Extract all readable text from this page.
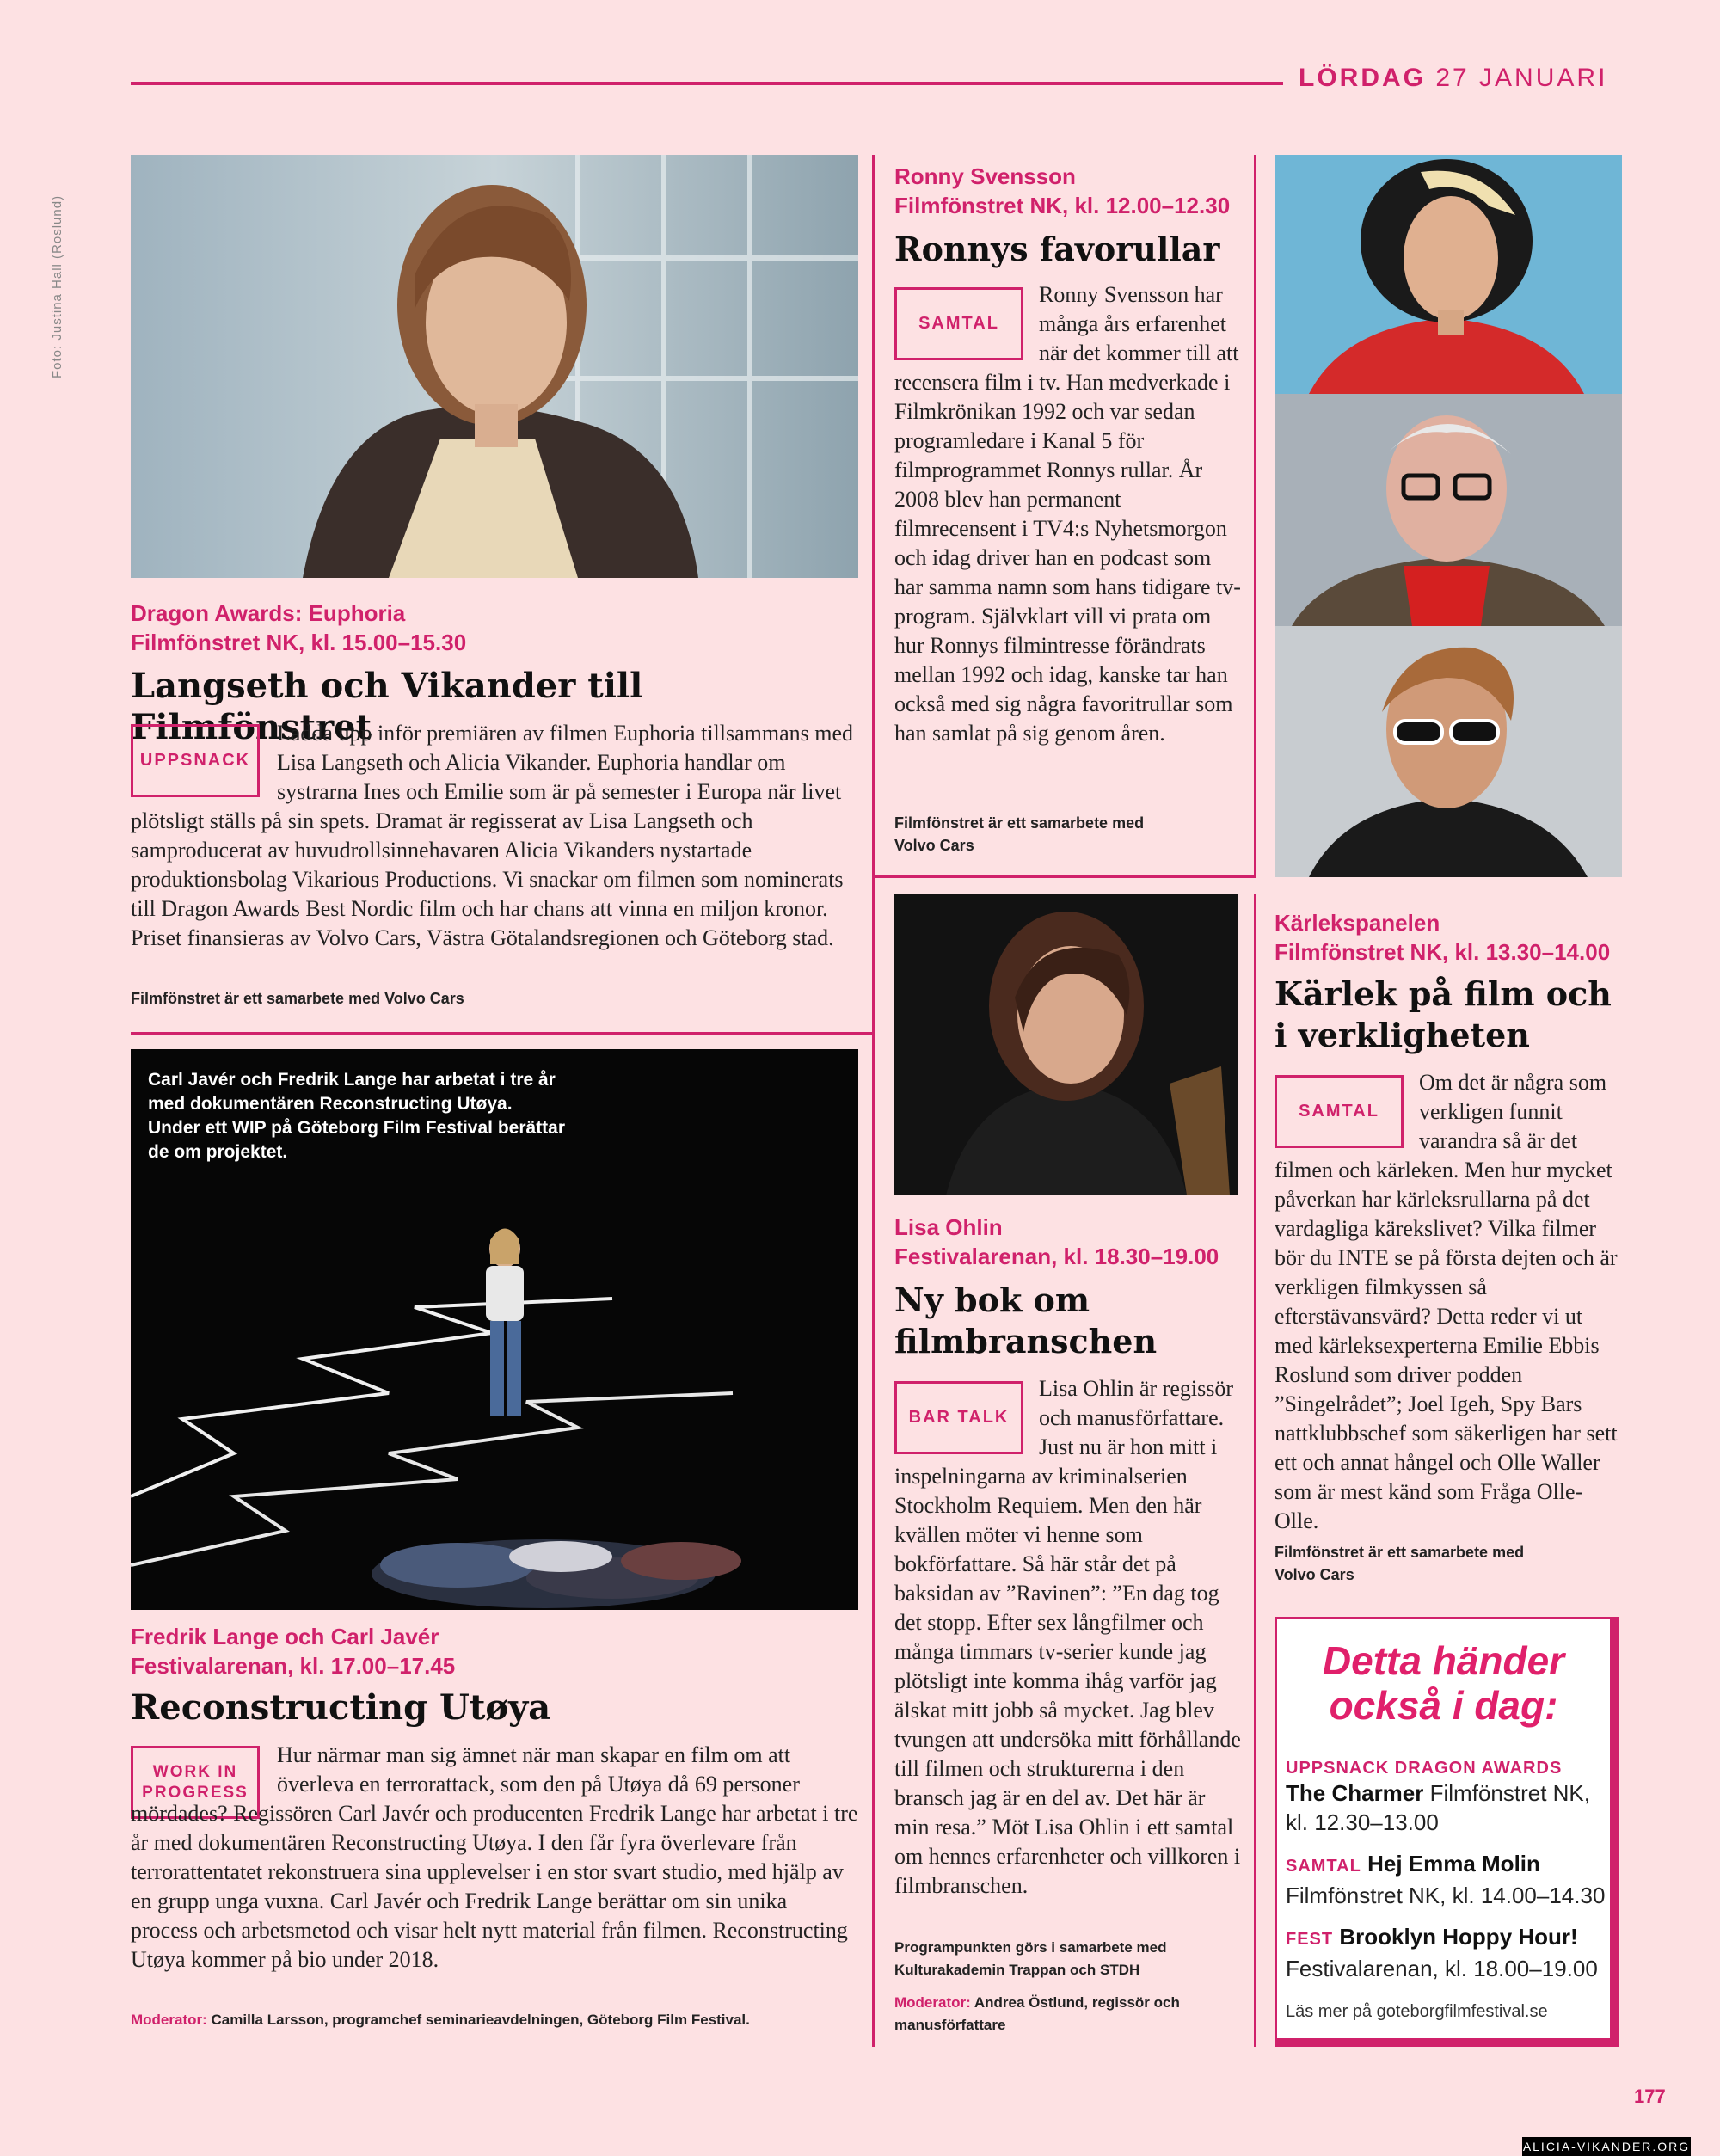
LÖRDAG 27 JANUARI
Foto: Justina Hall (Roslund)
Dragon Awards: Euphoria
Filmfönstret NK, kl. 15.00–15.30
Langseth och Vikander till Filmfönstret
UPPSNACK
Ladda upp inför premiären av filmen Euphoria tillsammans med Lisa Langseth och Alicia Vikander. Euphoria handlar om systrarna Ines och Emilie som är på semester i Europa när livet plötsligt ställs på sin spets. Dramat är regisserat av Lisa Langseth och samproducerat av huvudrollsinnehavaren Alicia Vikanders nystartade produktionsbolag Vikarious Productions. Vi snackar om filmen som nominerats till Dragon Awards Best Nordic film och har chans att vinna en miljon kronor. Priset finansieras av Volvo Cars, Västra Götalandsregionen och Göteborg stad.
Filmfönstret är ett samarbete med Volvo Cars
Carl Javér och Fredrik Lange har arbetat i tre år med dokumentären Reconstructing Utøya. Under ett WIP på Göteborg Film Festival berättar de om projektet.
Fredrik Lange och Carl Javér
Festivalarenan, kl. 17.00–17.45
Reconstructing Utøya
WORK IN PROGRESS
Hur närmar man sig ämnet när man skapar en film om att överleva en terrorattack, som den på Utøya då 69 personer mördades? Regissören Carl Javér och producenten Fredrik Lange har arbetat i tre år med dokumentären Reconstructing Utøya. I den får fyra överlevare från terrorattentatet rekonstruera sina upplevelser i en stor svart studio, med hjälp av en grupp unga vuxna. Carl Javér och Fredrik Lange berättar om sin unika process och arbetsmetod och visar helt nytt material från filmen. Reconstructing Utøya kommer på bio under 2018.
Moderator: Camilla Larsson, programchef seminarieavdelningen, Göteborg Film Festival.
Ronny Svensson
Filmfönstret NK, kl. 12.00–12.30
Ronnys favorullar
SAMTAL
Ronny Svensson har många års erfarenhet när det kommer till att recensera film i tv. Han medverkade i Filmkrönikan 1992 och var sedan programledare i Kanal 5 för filmprogrammet Ronnys rullar. År 2008 blev han permanent filmrecensent i TV4:s Nyhetsmorgon och idag driver han en podcast som har samma namn som hans tidigare tv-program. Självklart vill vi prata om hur Ronnys filmintresse förändrats mellan 1992 och idag, kanske tar han också med sig några favoritrullar som han samlat på sig genom åren.
Filmfönstret är ett samarbete med Volvo Cars
Lisa Ohlin
Festivalarenan, kl. 18.30–19.00
Ny bok om filmbranschen
BAR TALK
Lisa Ohlin är regissör och manusförfattare. Just nu är hon mitt i inspelningarna av kriminalserien Stockholm Requiem. Men den här kvällen möter vi henne som bokförfattare. Så här står det på baksidan av ”Ravinen”: ”En dag tog det stopp. Efter sex långfilmer och många timmars tv-serier kunde jag plötsligt inte komma ihåg varför jag älskat mitt jobb så mycket. Jag blev tvungen att undersöka mitt förhållande till filmen och strukturerna i den bransch jag är en del av. Det här är min resa.” Möt Lisa Ohlin i ett samtal om hennes erfarenheter och villkoren i filmbranschen.
Programpunkten görs i samarbete med Kulturakademin Trappan och STDH
Moderator: Andrea Östlund, regissör och manusförfattare
Kärlekspanelen
Filmfönstret NK, kl. 13.30–14.00
Kärlek på film och i verkligheten
SAMTAL
Om det är några som verkligen funnit varandra så är det filmen och kärleken. Men hur mycket påverkan har kärleksrullarna på det vardagliga kärekslivet? Vilka filmer bör du INTE se på första dejten och är verkligen filmkyssen så efterstävansvärd? Detta reder vi ut med kärleksexperterna Emilie Ebbis Roslund som driver podden ”Singelrådet”; Joel Igeh, Spy Bars nattklubbschef som säkerligen har sett ett och annat hångel och Olle Waller som är mest känd som Fråga Olle-Olle.
Filmfönstret är ett samarbete med Volvo Cars
Detta händer också i dag:
UPPSNACK DRAGON AWARDS
The Charmer Filmfönstret NK, kl. 12.30–13.00
SAMTAL Hej Emma Molin Filmfönstret NK, kl. 14.00–14.30
FEST Brooklyn Hoppy Hour! Festivalarenan, kl. 18.00–19.00
Läs mer på goteborgfilmfestival.se
177
ALICIA-VIKANDER.ORG
